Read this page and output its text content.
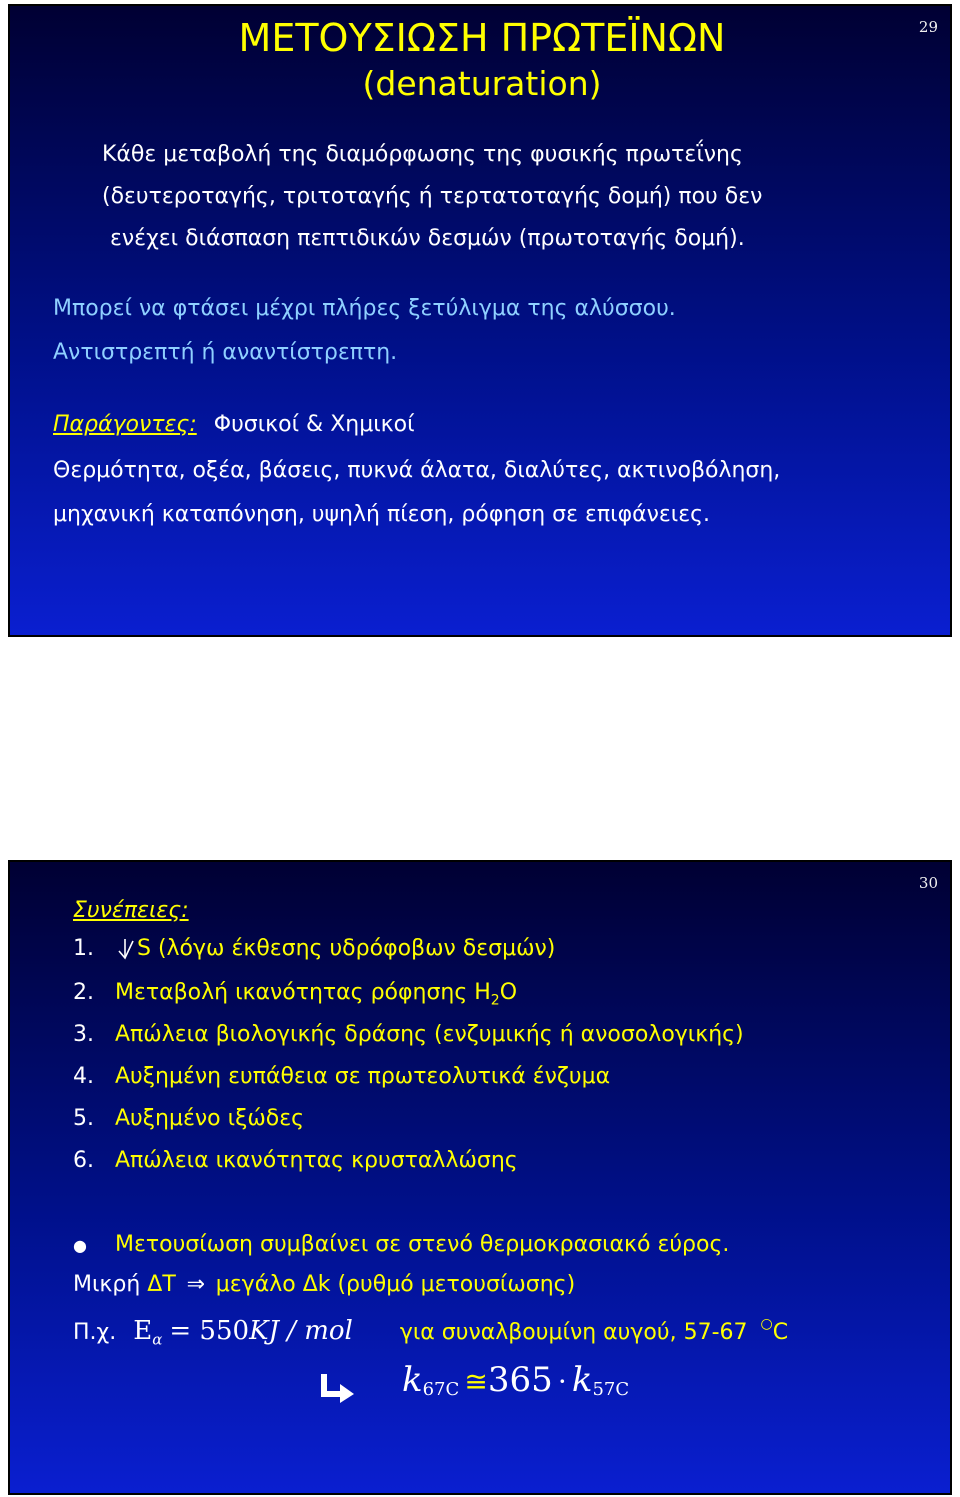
29
ΜΕΤΟΥΣΙΩΣΗ ΠΡΩΤΕΪΝΩΝ
(denaturation)
Κάθε μεταβολή της διαμόρφωσης της φυσικής πρωτεΐνης
(δευτεροταγής, τριτοταγής ή τερτατοταγής δομή) που δεν
ενέχει διάσπαση πεπτιδικών δεσμών (πρωτοταγής δομή).
Μπορεί να φτάσει μέχρι πλήρες ξετύλιγμα της αλύσσου.
Αντιστρεπτή ή αναντίστρεπτη.
Παράγοντες: Φυσικοί & Χημικοί
Θερμότητα, οξέα, βάσεις, πυκνά άλατα, διαλύτες, ακτινοβόληση,
μηχανική καταπόνηση, υψηλή πίεση, ρόφηση σε επιφάνειες.
30
Συνέπειες:
1. S (λόγω έκθεσης υδρόφοβων δεσμών)
2. Μεταβολή ικανότητας ρόφησης $H_2O$
3. Απώλεια βιολογικής δράσης (ενζυμικής ή ανοσολογικής)
4. Αυξημένη ευπάθεια σε πρωτεολυτικά ένζυμα
5. Αυξημένο ιξώδες
6. Απώλεια ικανότητας κρυσταλλώσης
● Μετουσίωση συμβαίνει σε στενό θερμοκρασιακό εύρος.
Μικρή ΔT ⇒ μεγάλο Δk (ρυθμό μετουσίωσης)
Π.χ. $E_\alpha = 550KJ$ / mol για συναλβουμίνη αυγού, 57-67 ○C
$k_{67C}$ ≅365 · $k_{57C}$
